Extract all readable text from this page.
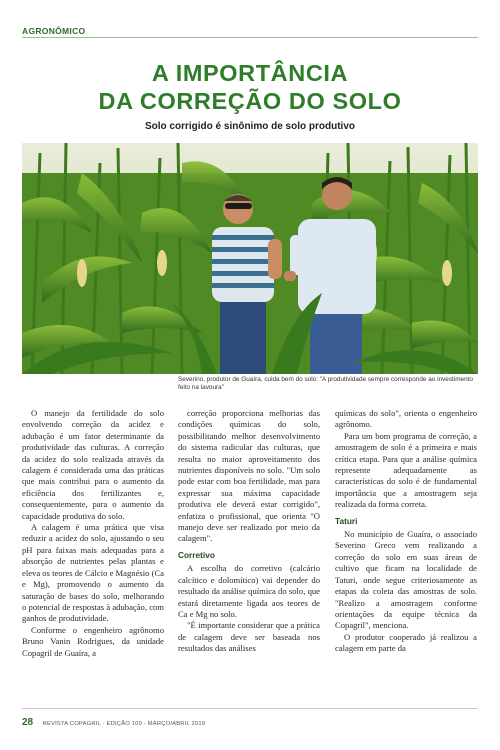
AGRONÔMICO
A IMPORTÂNCIA
DA CORREÇÃO DO SOLO
Solo corrigido é sinônimo de solo produtivo
Severino, produtor de Guaíra, cuida bem do solo: "A produtividade sempre corresponde ao investimento feito na lavoura"

O manejo da fertilidade do solo envolvendo correção da acidez e adubação é um fator determinante da produtividade das culturas. A correção da acidez do solo realizada através da calagem é considerada uma das práticas que mais contribui para o aumento da eficiência dos fertilizantes e, consequentemente, para o aumento da capacidade produtiva do solo.

A calagem é uma prática que visa reduzir a acidez do solo, ajustando o seu pH para faixas mais adequadas para a absorção de nutrientes pelas plantas e eleva os teores de Cálcio e Magnésio (Ca e Mg), promovendo o aumento da saturação de bases do solo, melhorando o potencial de respostas à adubação, com ganhos de produtividade.

Conforme o engenheiro agrônomo Bruno Vanin Rodrigues, da unidade Copagril de Guaíra, a

correção proporciona melhorias das condições químicas do solo, possibilitando melhor desenvolvimento do sistema radicular das culturas, que resulta no maior aproveitamento dos nutrientes disponíveis no solo. "Um solo pode estar com boa fertilidade, mas para expressar sua máxima capacidade produtiva ele deverá estar corrigido", enfatiza o profissional, que orienta "O manejo deve ser realizado por meio da calagem".

Corretivo

A escolha do corretivo (calcário calcítico e dolomítico) vai depender do resultado da análise química do solo, que estará diretamente ligada aos teores de Ca e Mg no solo.

"É importante considerar que a prática de calagem deve ser baseada nos resultados das análises

químicas do solo", orienta o engenheiro agrônomo.

Para um bom programa de correção, a amostragem de solo é a primeira e mais crítica etapa. Para que a análise química represente adequadamente as características do solo é de fundamental importância que a amostragem seja realizada da forma correta.

Taturi

No município de Guaíra, o associado Severino Greco vem realizando a correção do solo em suas áreas de cultivo que ficam na localidade de Taturi, onde segue criteriosamente as etapas da coleta das amostras de solo. "Realizo a amostragem conforme orientações da equipe técnica da Copagril", menciona.

O produtor cooperado já realizou a calagem em parte da

28 REVISTA COPAGRIL - EDIÇÃO 109 - MARÇO/ABRIL 2019
